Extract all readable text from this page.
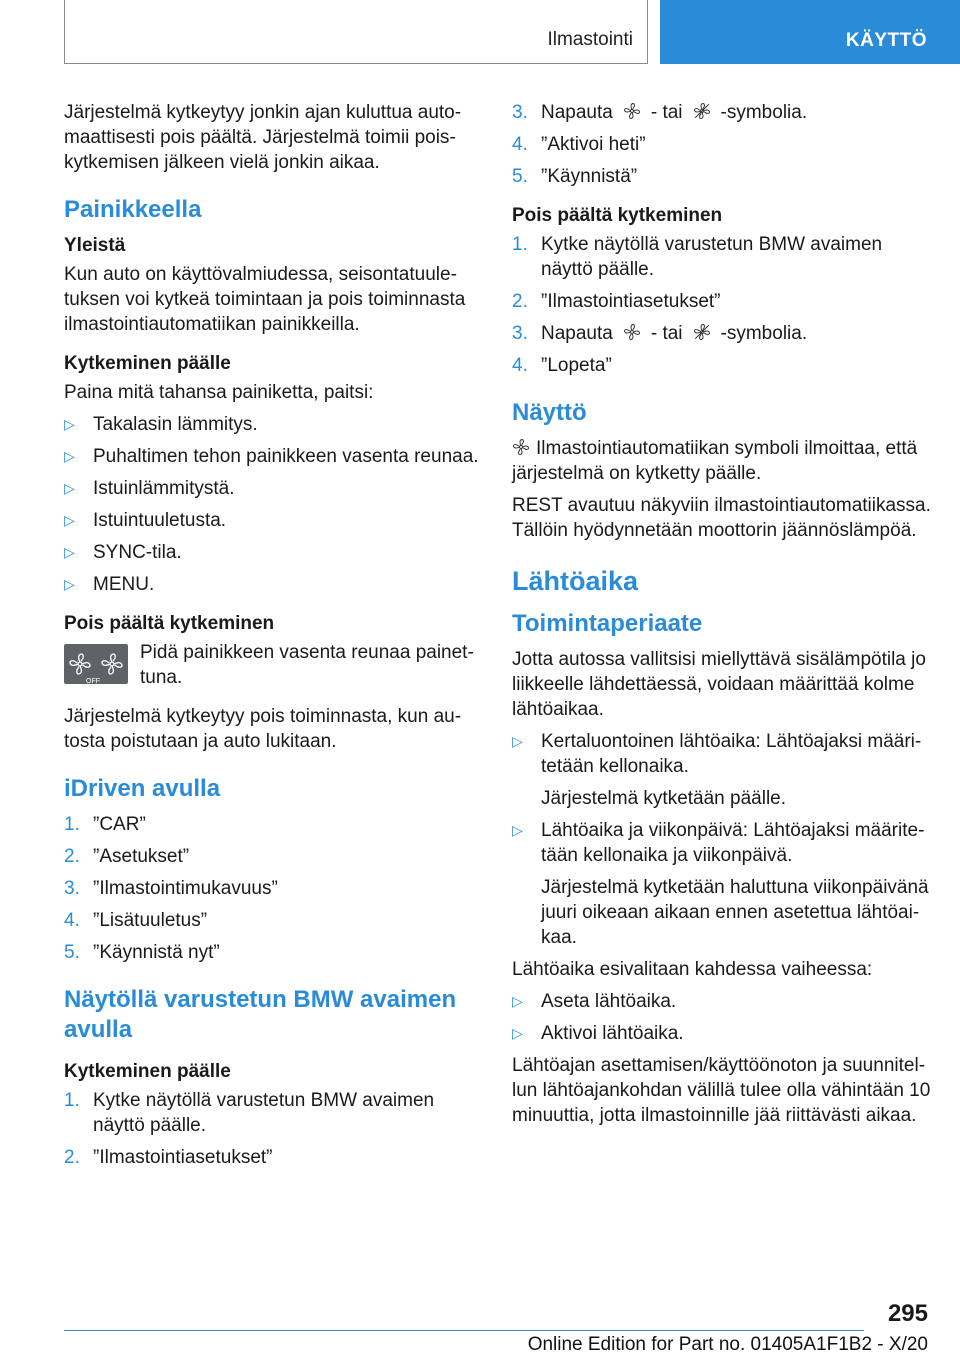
Ilmastointi	KÄYTTÖ

Järjestelmä kytkeytyy jonkin ajan kuluttua automaattisesti pois päältä. Järjestelmä toimii poiskytkemisen jälkeen vielä jonkin aikaa.

Painikkeella
Yleistä

Kun auto on käyttövalmiudessa, seisontatuuletuksen voi kytkeä toimintaan ja pois toiminnasta ilmastointiautomatiikan painikkeilla.

Kytkeminen päälle

Paina mitä tahansa painiketta, paitsi:

▷ Takalasin lämmitys.
▷ Puhaltimen tehon painikkeen vasenta reunaa.
▷ Istuinlämmitystä.
▷ Istuintuuletusta.
▷ SYNC-tila.
▷ MENU.
Pois päältä kytkeminen
OFF
Pidä painikkeen vasenta reunaa painettuna.

Järjestelmä kytkeytyy pois toiminnasta, kun autosta poistutaan ja auto lukitaan.

iDriven avulla
1. ”CAR”
2. ”Asetukset”
3. ”Ilmastointimukavuus”
4. ”Lisätuuletus”
5. ”Käynnistä nyt”
Näytöllä varustetun BMW avaimen avulla
Kytkeminen päälle
1. Kytke näytöllä varustetun BMW avaimen näyttö päälle.
2. ”Ilmastointiasetukset”
3. Napauta - tai -symbolia.
4. ”Aktivoi heti”
5. ”Käynnistä”
Pois päältä kytkeminen
1. Kytke näytöllä varustetun BMW avaimen näyttö päälle.
2. ”Ilmastointiasetukset”
3. Napauta - tai -symbolia.
4. ”Lopeta”
Näyttö

Ilmastointiautomatiikan symboli ilmoittaa, että järjestelmä on kytketty päälle.

REST avautuu näkyviin ilmastointiautomatiikassa. Tällöin hyödynnetään moottorin jäännöslämpöä.

Lähtöaika
Toimintaperiaate

Jotta autossa vallitsisi miellyttävä sisälämpötila jo liikkeelle lähdettäessä, voidaan määrittää kolme lähtöaikaa.

▷ Kertaluontoinen lähtöaika: Lähtöajaksi määritetään kellonaika.

Järjestelmä kytketään päälle.

▷ Lähtöaika ja viikonpäivä: Lähtöajaksi määritetään kellonaika ja viikonpäivä.

Järjestelmä kytketään haluttuna viikonpäivänä juuri oikeaan aikaan ennen asetettua lähtöaikaa.

Lähtöaika esivalitaan kahdessa vaiheessa:

▷ Aseta lähtöaika.
▷ Aktivoi lähtöaika.

Lähtöajan asettamisen/käyttöönoton ja suunnitellun lähtöajankohdan välillä tulee olla vähintään 10 minuuttia, jotta ilmastoinnille jää riittävästi aikaa.

295
Online Edition for Part no. 01405A1F1B2 - X/20
